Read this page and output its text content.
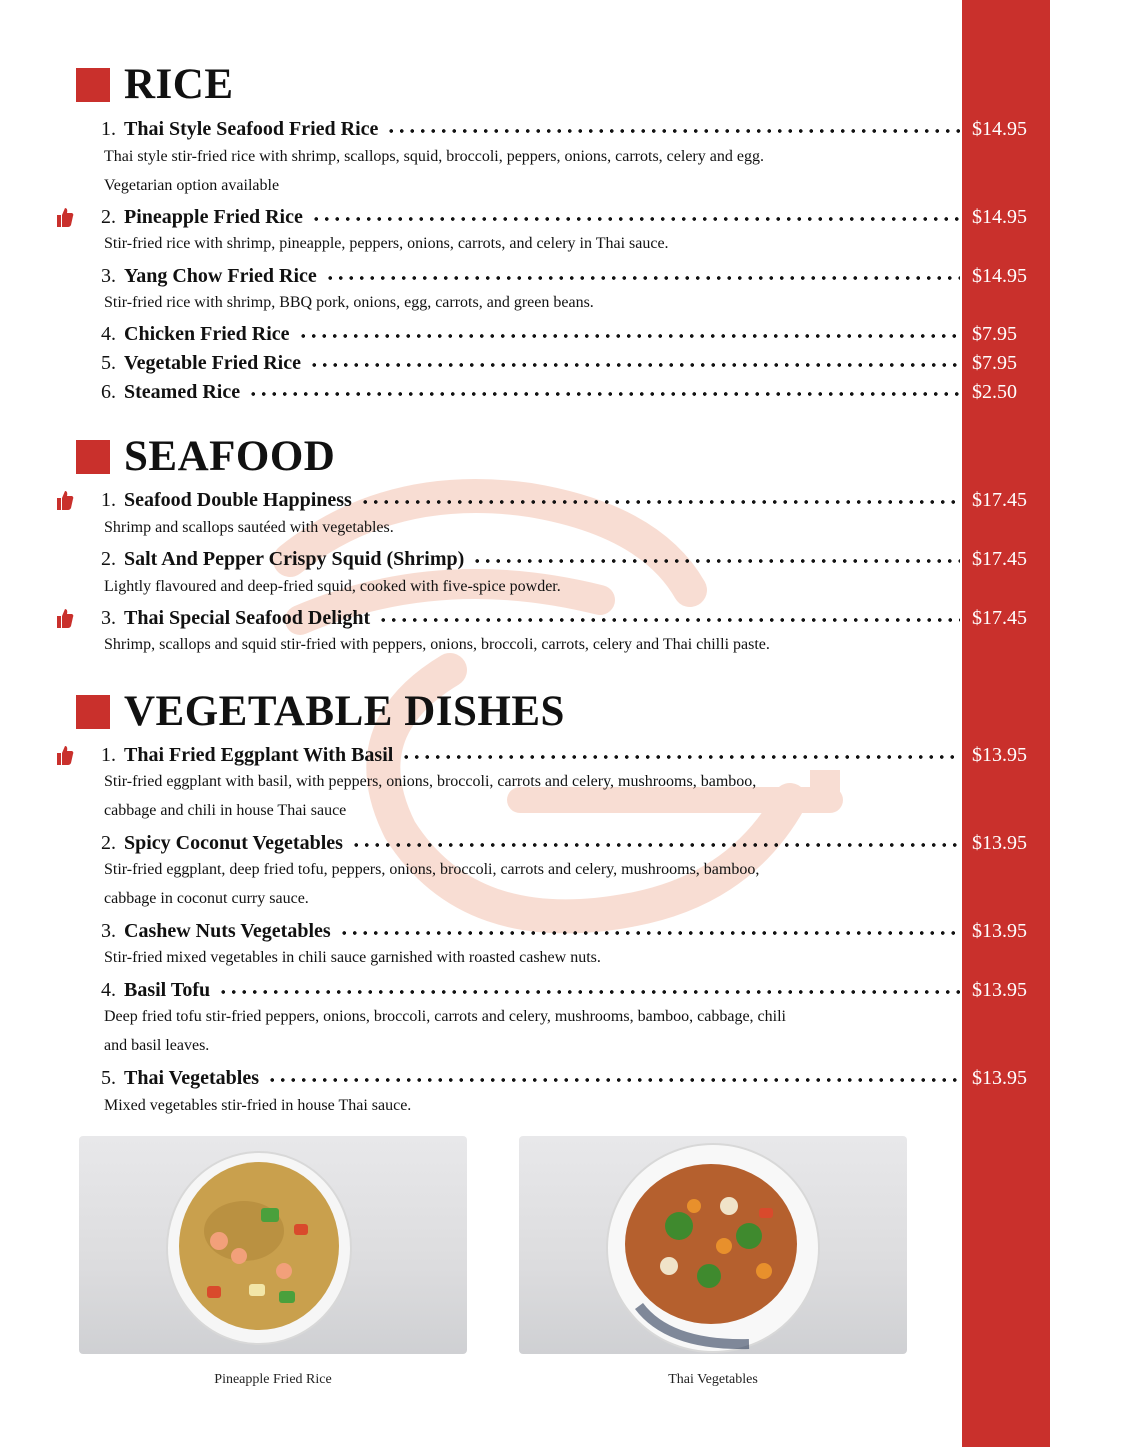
RICE
1. Thai Style Seafood Fried Rice	$14.95
Thai style stir-fried rice with shrimp, scallops, squid, broccoli, peppers, onions, carrots, celery and egg.
Vegetarian option available
2. Pineapple Fried Rice	$14.95
Stir-fried rice with shrimp, pineapple, peppers, onions, carrots, and celery in Thai sauce.
3. Yang Chow Fried Rice	$14.95
Stir-fried rice with shrimp, BBQ pork, onions, egg, carrots, and green beans.
4. Chicken Fried Rice	$7.95
5. Vegetable Fried Rice	$7.95
6. Steamed Rice	$2.50
SEAFOOD
1. Seafood Double Happiness	$17.45
Shrimp and scallops sautéed with vegetables.
2. Salt And Pepper Crispy Squid (Shrimp)	$17.45
Lightly flavoured and deep-fried squid, cooked with five-spice powder.
3. Thai Special Seafood Delight	$17.45
Shrimp, scallops and squid stir-fried with peppers, onions, broccoli, carrots, celery and Thai chilli paste.
VEGETABLE DISHES
1. Thai Fried Eggplant With Basil	$13.95
Stir-fried eggplant with basil, with peppers, onions, broccoli, carrots and celery, mushrooms, bamboo,
cabbage and chili in house Thai sauce
2. Spicy Coconut Vegetables	$13.95
Stir-fried eggplant, deep fried tofu, peppers, onions, broccoli, carrots and celery, mushrooms, bamboo,
cabbage in coconut curry sauce.
3. Cashew Nuts Vegetables	$13.95
Stir-fried mixed vegetables in chili sauce garnished with roasted cashew nuts.
4. Basil Tofu	$13.95
Deep fried tofu stir-fried peppers, onions, broccoli, carrots and celery, mushrooms, bamboo, cabbage, chili
and basil leaves.
5. Thai Vegetables	$13.95
Mixed vegetables stir-fried in house Thai sauce.
Pineapple Fried Rice	Thai Vegetables
